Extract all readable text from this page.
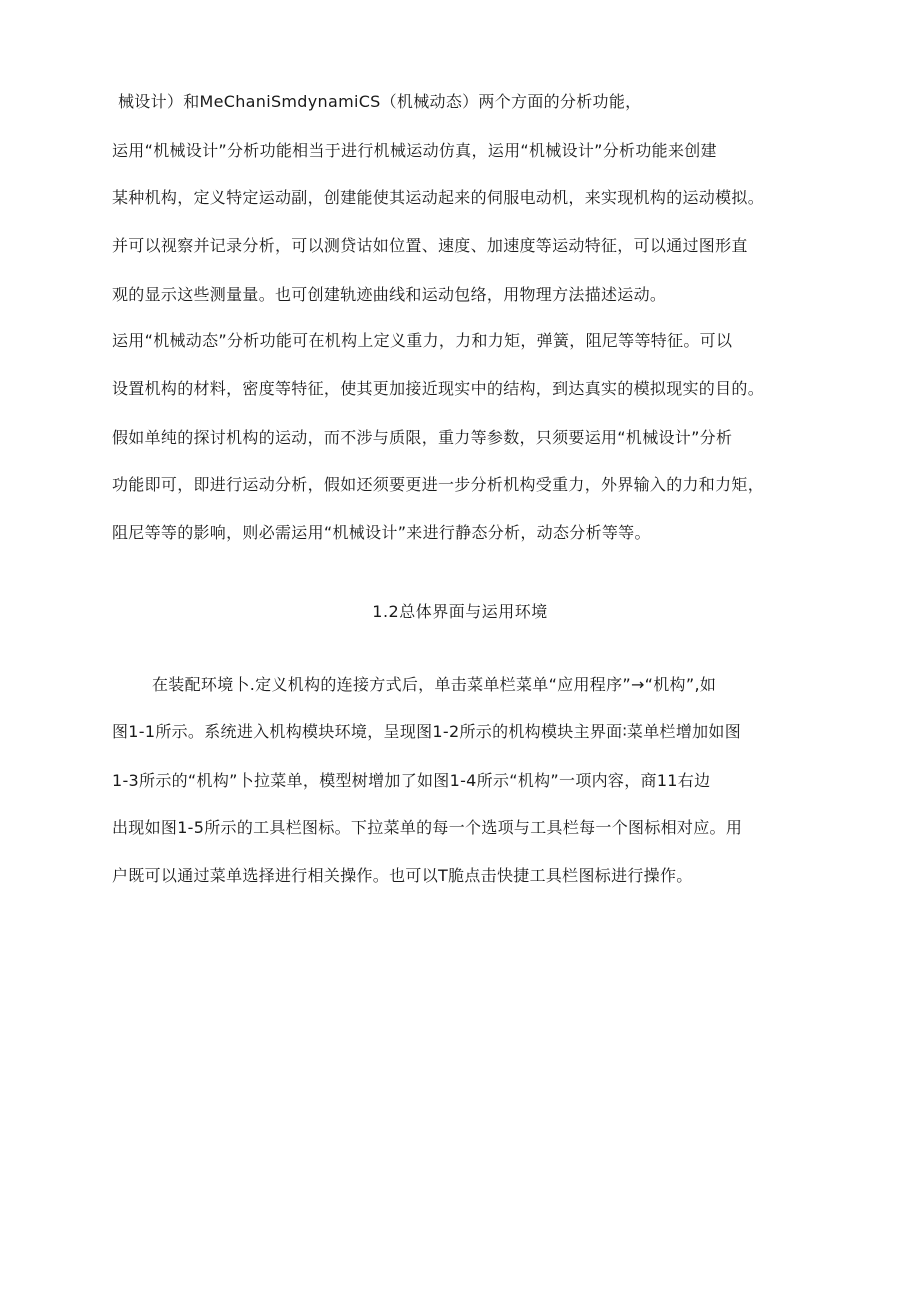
械设计）和MeChaniSmdynamiCS（机械动态）两个方面的分析功能，
运用“机械设计”分析功能相当于进行机械运动仿真，运用“机械设计”分析功能来创建
某种机构，定义特定运动副，创建能使其运动起来的伺服电动机，来实现机构的运动模拟。
并可以视察并记录分析，可以测贷诂如位置、速度、加速度等运动特征，可以通过图形直
观的显示这些测量量。也可创建轨迹曲线和运动包络，用物理方法描述运动。
运用“机械动态”分析功能可在机构上定义重力，力和力矩，弹簧，阻尼等等特征。可以
设置机构的材料，密度等特征，使其更加接近现实中的结构，到达真实的模拟现实的目的。
假如单纯的探讨机构的运动，而不涉与质限，重力等参数，只须要运用“机械设计”分析
功能即可，即进行运动分析，假如还须要更进一步分析机构受重力，外界输入的力和力矩，
阻尼等等的影响，则必需运用“机械设计”来进行静态分析，动态分析等等。
1.2总体界面与运用环境
在装配环境卜.定义机构的连接方式后，单击菜单栏菜单“应用程序”→“机构”,如
图1-1所示。系统进入机构模块环境，呈现图1-2所示的机构模块主界面∶菜单栏增加如图
1-3所示的“机构”卜拉菜单，模型树增加了如图1-4所示“机构”一项内容，商11右边
出现如图1-5所示的工具栏图标。下拉菜单的每一个选项与工具栏每一个图标相对应。用
户既可以通过菜单选择进行相关操作。也可以T脆点击快捷工具栏图标进行操作。
